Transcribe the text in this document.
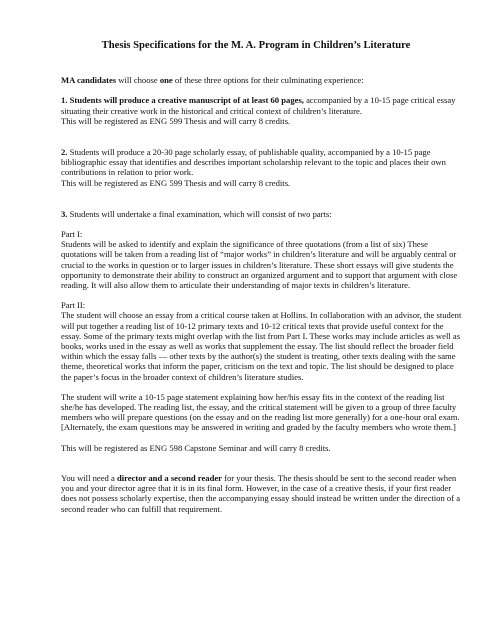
Thesis Specifications for the M. A. Program in Children’s Literature

MA candidates will choose one of these three options for their culminating experience:

1. Students will produce a creative manuscript of at least 60 pages, accompanied by a 10-15 page critical essay situating their creative work in the historical and critical context of children’s literature.

This will be registered as ENG 599 Thesis and will carry 8 credits.

2. Students will produce a 20-30 page scholarly essay, of publishable quality, accompanied by a 10-15 page bibliographic essay that identifies and describes important scholarship relevant to the topic and places their own contributions in relation to prior work.

This will be registered as ENG 599 Thesis and will carry 8 credits.

3. Students will undertake a final examination, which will consist of two parts:

Part I:

Students will be asked to identify and explain the significance of three quotations (from a list of six) These quotations will be taken from a reading list of “major works” in children’s literature and will be arguably central or crucial to the works in question or to larger issues in children’s literature. These short essays will give students the opportunity to demonstrate their ability to construct an organized argument and to support that argument with close reading. It will also allow them to articulate their understanding of major texts in children’s literature.

Part II:

The student will choose an essay from a critical course taken at Hollins. In collaboration with an advisor, the student will put together a reading list of 10-12 primary texts and 10-12 critical texts that provide useful context for the essay. Some of the primary texts might overlap with the list from Part I. These works may include articles as well as books, works used in the essay as well as works that supplement the essay. The list should reflect the broader field within which the essay falls — other texts by the author(s) the student is treating, other texts dealing with the same theme, theoretical works that inform the paper, criticism on the text and topic. The list should be designed to place the paper’s focus in the broader context of children’s literature studies.

The student will write a 10-15 page statement explaining how her/his essay fits in the context of the reading list she/he has developed. The reading list, the essay, and the critical statement will be given to a group of three faculty members who will prepare questions (on the essay and on the reading list more generally) for a one-hour oral exam. [Alternately, the exam questions may be answered in writing and graded by the faculty members who wrote them.]

This will be registered as ENG 598 Capstone Seminar and will carry 8 credits.

You will need a director and a second reader for your thesis. The thesis should be sent to the second reader when you and your director agree that it is in its final form. However, in the case of a creative thesis, if your first reader does not possess scholarly expertise, then the accompanying essay should instead be written under the direction of a second reader who can fulfill that requirement.
